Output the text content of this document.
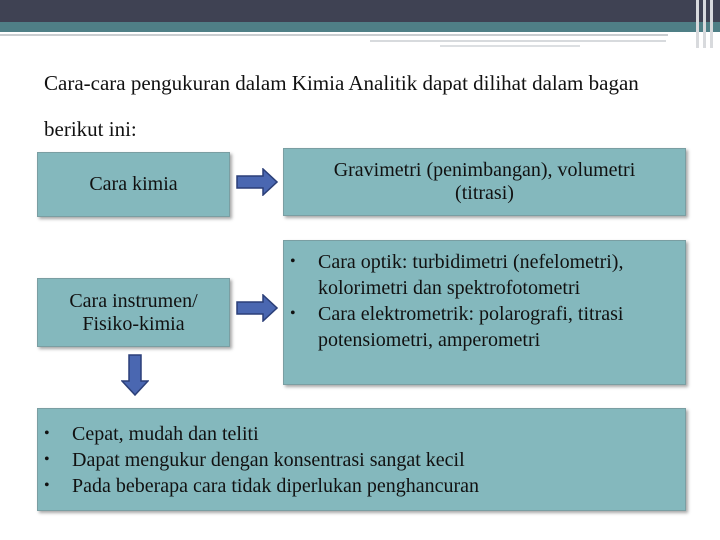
Cara-cara pengukuran dalam Kimia Analitik dapat dilihat dalam bagan berikut ini:
Cara kimia
Cara instrumen/
Fisiko-kimia
Gravimetri (penimbangan), volumetri
(titrasi)
• Cara optik: turbidimetri (nefelometri), kolorimetri dan spektrofotometri
• Cara elektrometrik: polarografi, titrasi potensiometri, amperometri
• Cepat, mudah dan teliti
• Dapat mengukur dengan konsentrasi sangat kecil
• Pada beberapa cara tidak diperlukan penghancuran
